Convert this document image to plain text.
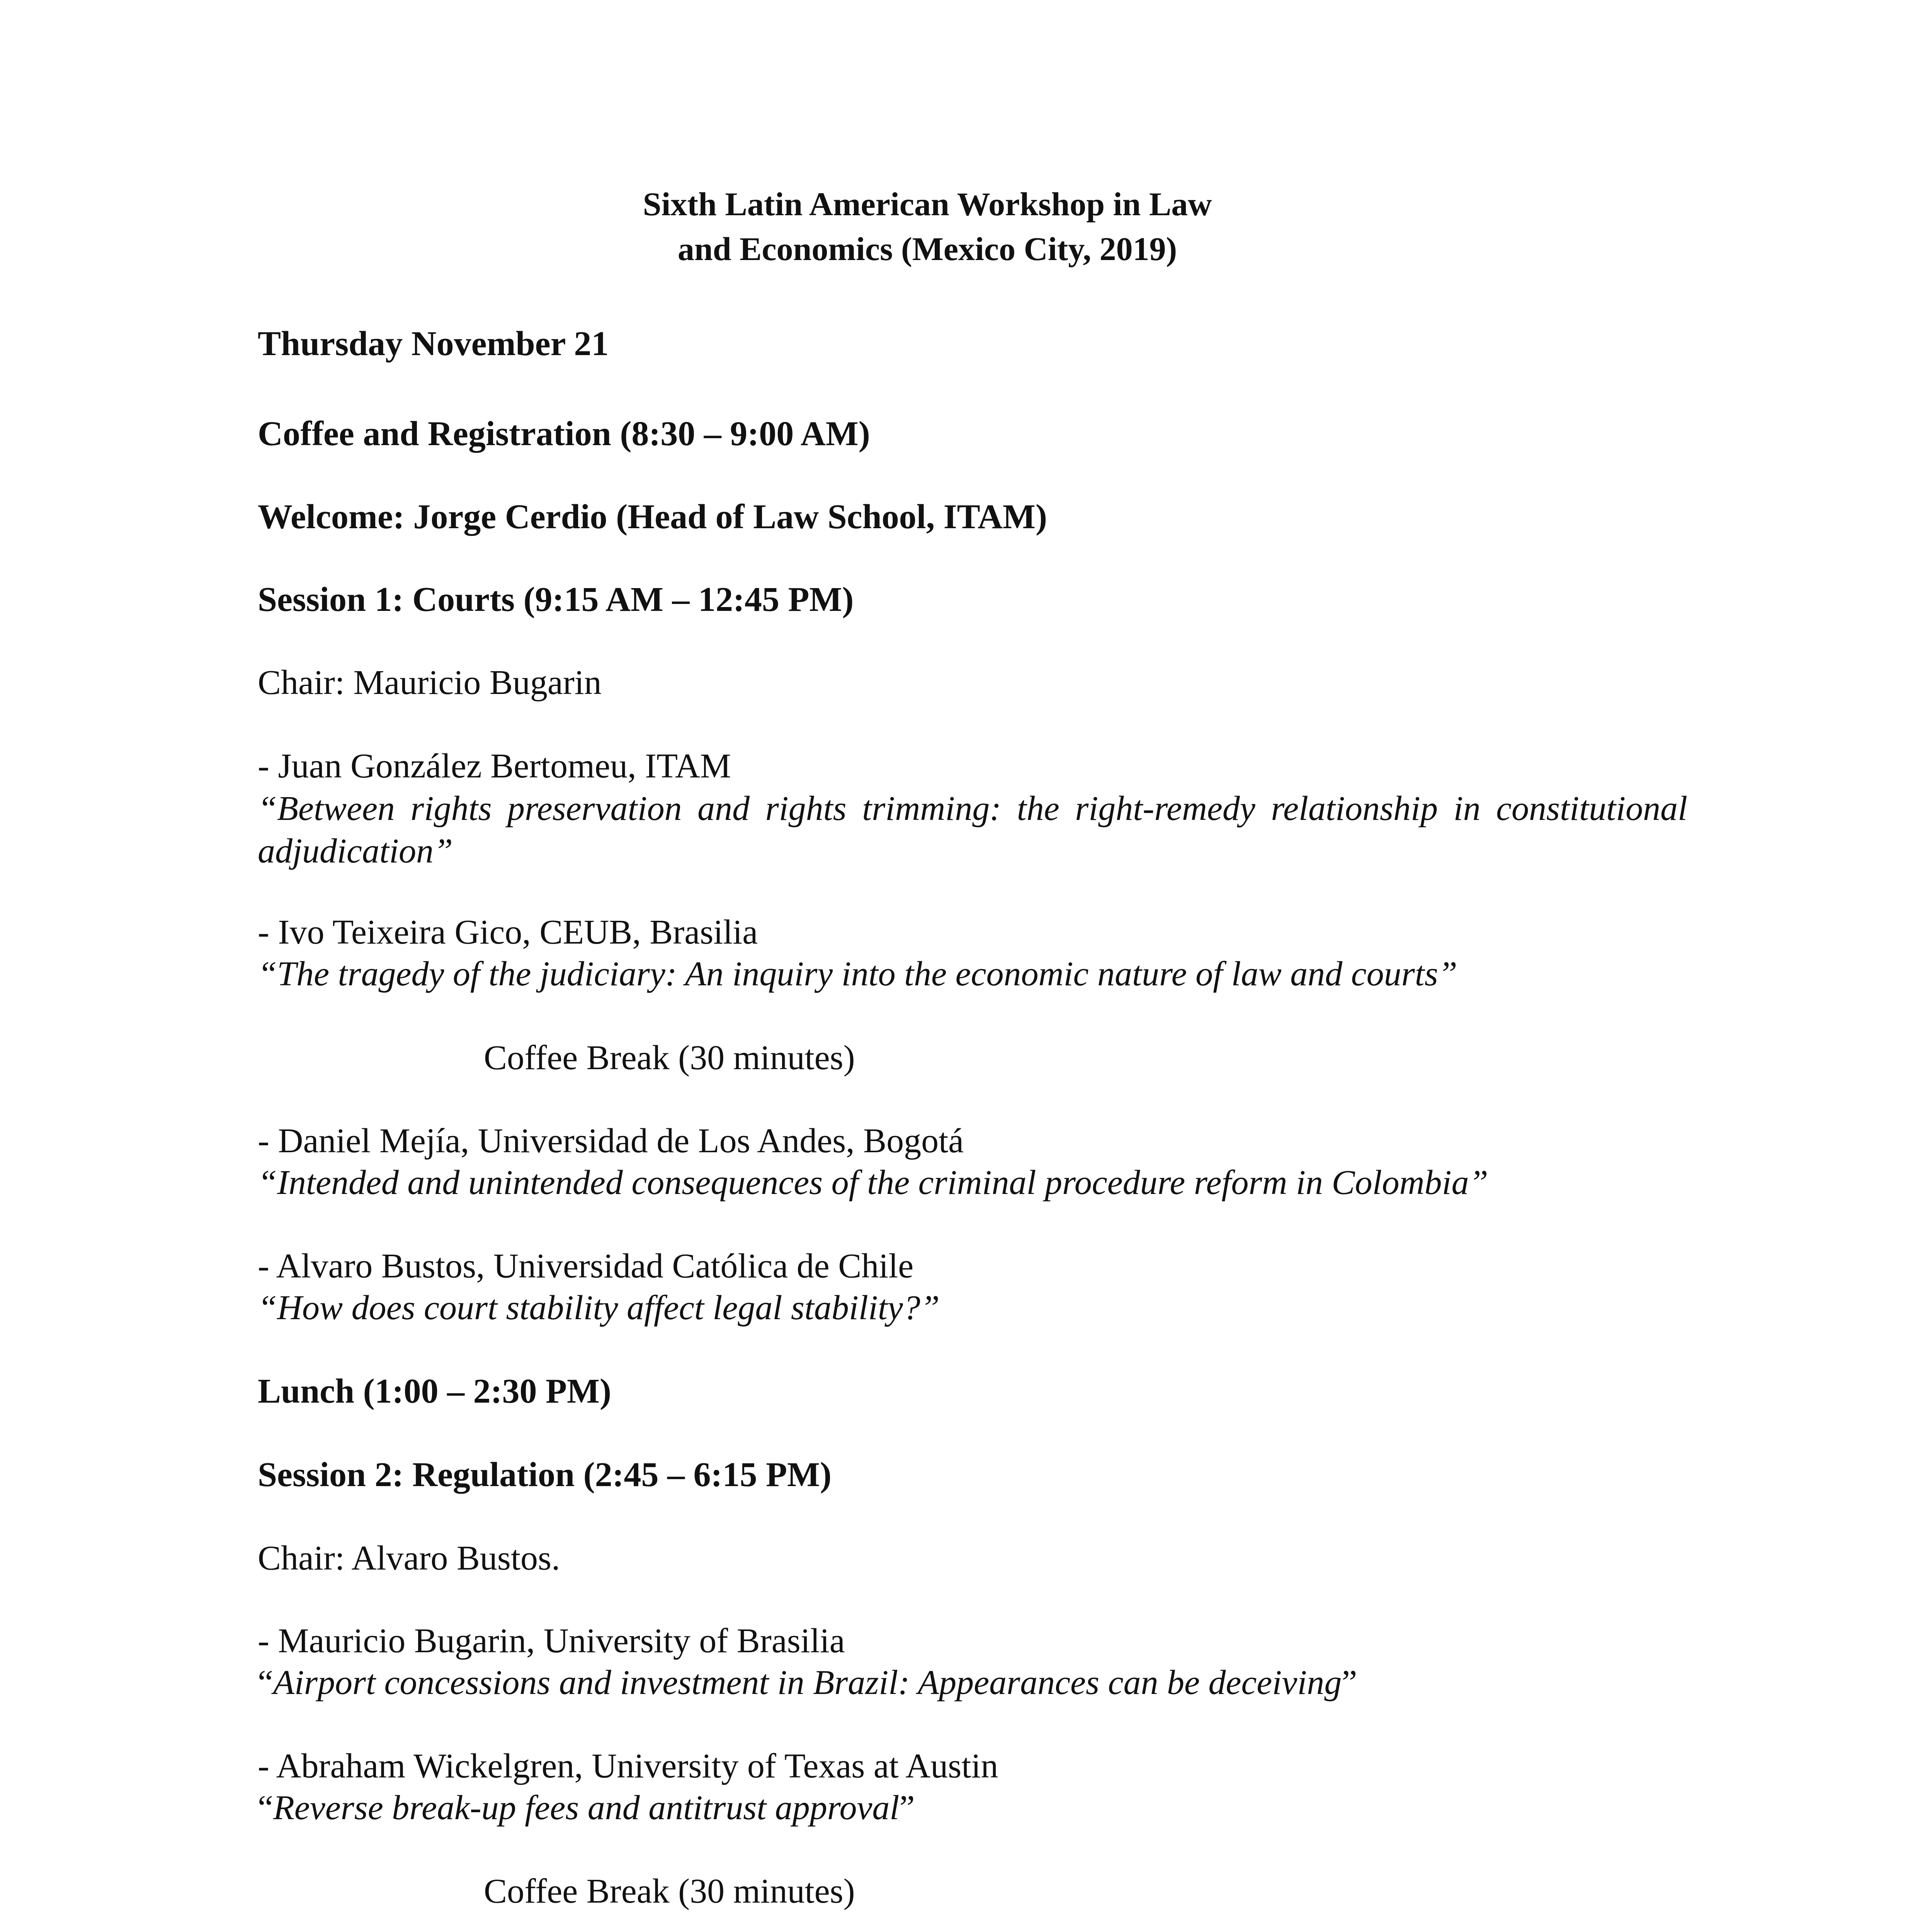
Sixth Latin American Workshop in Law
and Economics (Mexico City, 2019)
Thursday November 21
Coffee and Registration (8:30 – 9:00 AM)
Welcome: Jorge Cerdio (Head of Law School, ITAM)
Session 1: Courts (9:15 AM – 12:45 PM)
Chair: Mauricio Bugarin
- Juan González Bertomeu, ITAM
“Between rights preservation and rights trimming: the right-remedy relationship in constitutional adjudication”
- Ivo Teixeira Gico, CEUB, Brasilia
“The tragedy of the judiciary: An inquiry into the economic nature of law and courts”
Coffee Break (30 minutes)
- Daniel Mejía, Universidad de Los Andes, Bogotá
“Intended and unintended consequences of the criminal procedure reform in Colombia”
- Alvaro Bustos, Universidad Católica de Chile
“How does court stability affect legal stability?”
Lunch (1:00 – 2:30 PM)
Session 2: Regulation (2:45 – 6:15 PM)
Chair: Alvaro Bustos.
- Mauricio Bugarin, University of Brasilia
“Airport concessions and investment in Brazil: Appearances can be deceiving”
- Abraham Wickelgren, University of Texas at Austin
“Reverse break-up fees and antitrust approval”
Coffee Break (30 minutes)
